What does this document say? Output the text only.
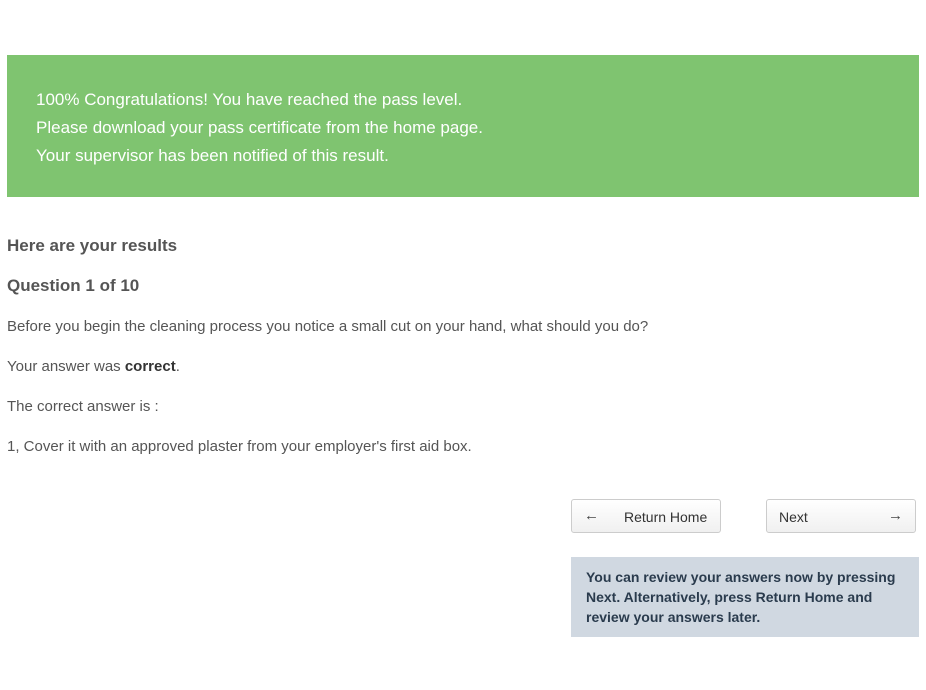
100% Congratulations! You have reached the pass level.
Please download your pass certificate from the home page.
Your supervisor has been notified of this result.
Here are your results
Question 1 of 10

Before you begin the cleaning process you notice a small cut on your hand, what should you do?

Your answer was correct.

The correct answer is :

1, Cover it with an approved plaster from your employer's first aid box.

← Return Home	Next	→
You can review your answers now by pressing Next. Alternatively, press Return Home and review your answers later.
